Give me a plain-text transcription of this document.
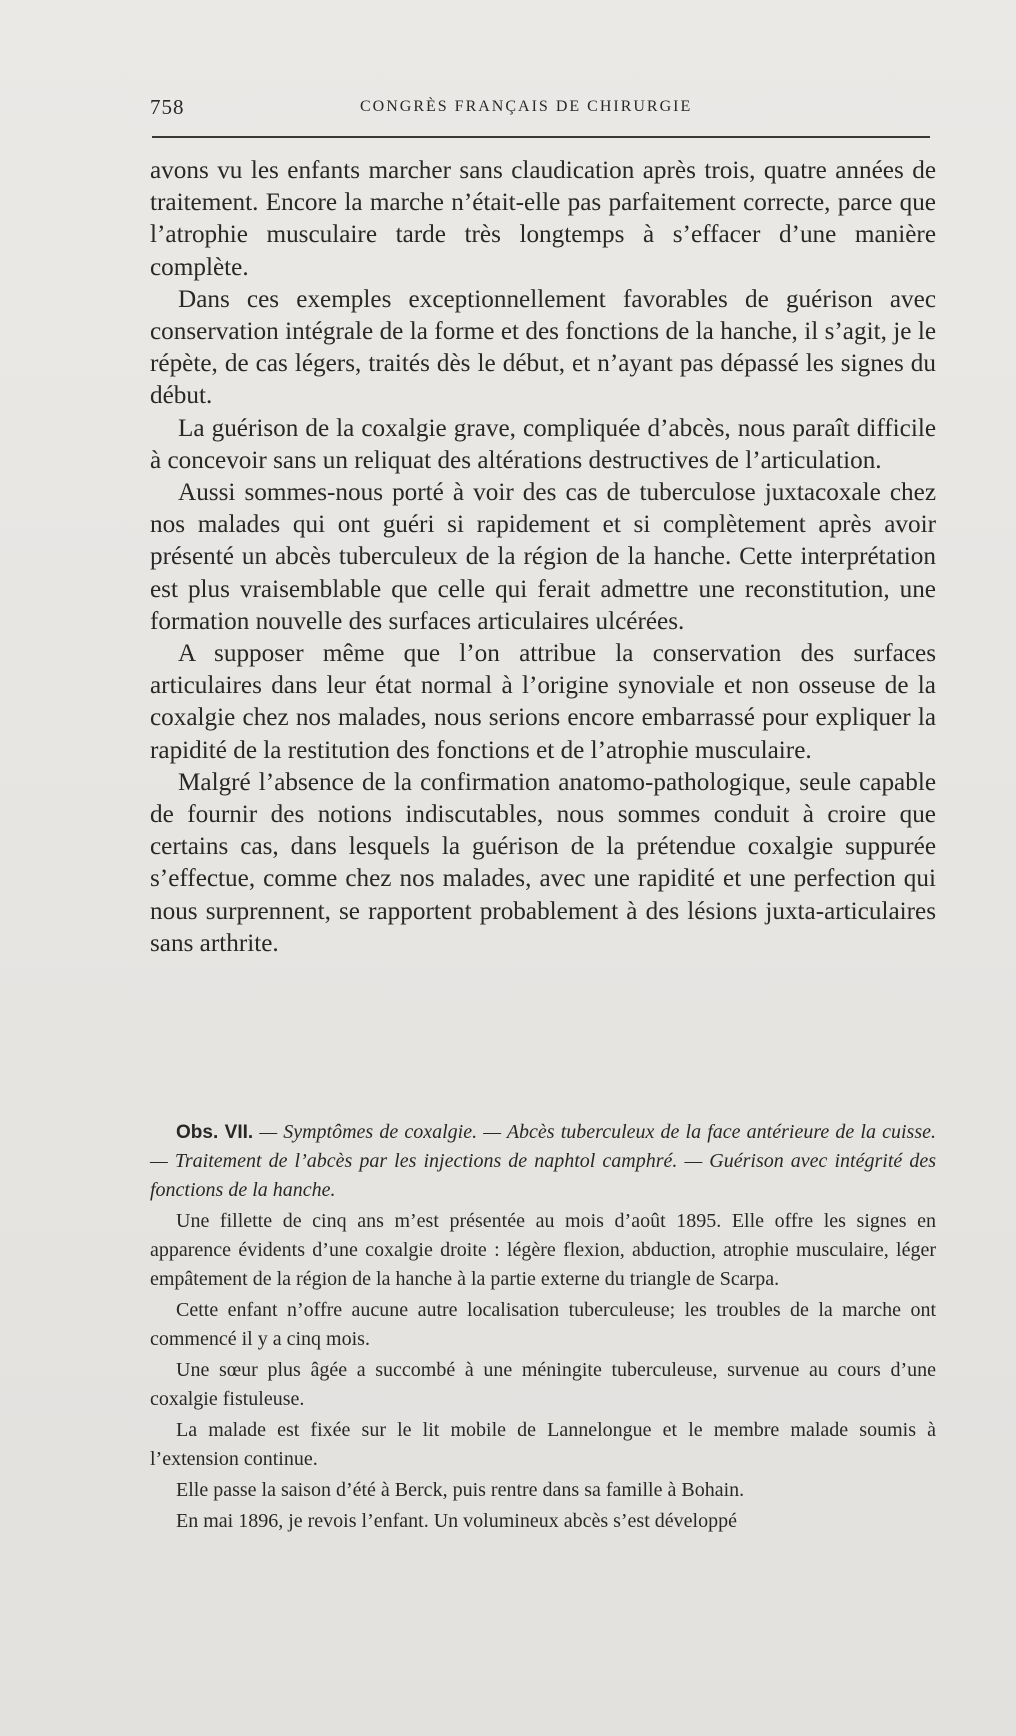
758	CONGRÈS FRANÇAIS DE CHIRURGIE

avons vu les enfants marcher sans claudication après trois, quatre années de traitement. Encore la marche n’était-elle pas parfaitement correcte, parce que l’atrophie musculaire tarde très longtemps à s’effacer d’une manière complète.

Dans ces exemples exceptionnellement favorables de guérison avec conservation intégrale de la forme et des fonctions de la hanche, il s’agit, je le répète, de cas légers, traités dès le début, et n’ayant pas dépassé les signes du début.

La guérison de la coxalgie grave, compliquée d’abcès, nous paraît difficile à concevoir sans un reliquat des altérations destructives de l’articulation.

Aussi sommes-nous porté à voir des cas de tuberculose juxtacoxale chez nos malades qui ont guéri si rapidement et si complètement après avoir présenté un abcès tuberculeux de la région de la hanche. Cette interprétation est plus vraisemblable que celle qui ferait admettre une reconstitution, une formation nouvelle des surfaces articulaires ulcérées.

A supposer même que l’on attribue la conservation des surfaces articulaires dans leur état normal à l’origine synoviale et non osseuse de la coxalgie chez nos malades, nous serions encore embarrassé pour expliquer la rapidité de la restitution des fonctions et de l’atrophie musculaire.

Malgré l’absence de la confirmation anatomo-pathologique, seule capable de fournir des notions indiscutables, nous sommes conduit à croire que certains cas, dans lesquels la guérison de la prétendue coxalgie suppurée s’effectue, comme chez nos malades, avec une rapidité et une perfection qui nous surprennent, se rapportent probablement à des lésions juxta-articulaires sans arthrite.

Obs. VII. — Symptômes de coxalgie. — Abcès tuberculeux de la face antérieure de la cuisse. — Traitement de l’abcès par les injections de naphtol camphré. — Guérison avec intégrité des fonctions de la hanche.

Une fillette de cinq ans m’est présentée au mois d’août 1895. Elle offre les signes en apparence évidents d’une coxalgie droite : légère flexion, abduction, atrophie musculaire, léger empâtement de la région de la hanche à la partie externe du triangle de Scarpa.

Cette enfant n’offre aucune autre localisation tuberculeuse; les troubles de la marche ont commencé il y a cinq mois.

Une sœur plus âgée a succombé à une méningite tuberculeuse, survenue au cours d’une coxalgie fistuleuse.

La malade est fixée sur le lit mobile de Lannelongue et le membre malade soumis à l’extension continue.

Elle passe la saison d’été à Berck, puis rentre dans sa famille à Bohain.

En mai 1896, je revois l’enfant. Un volumineux abcès s’est développé
